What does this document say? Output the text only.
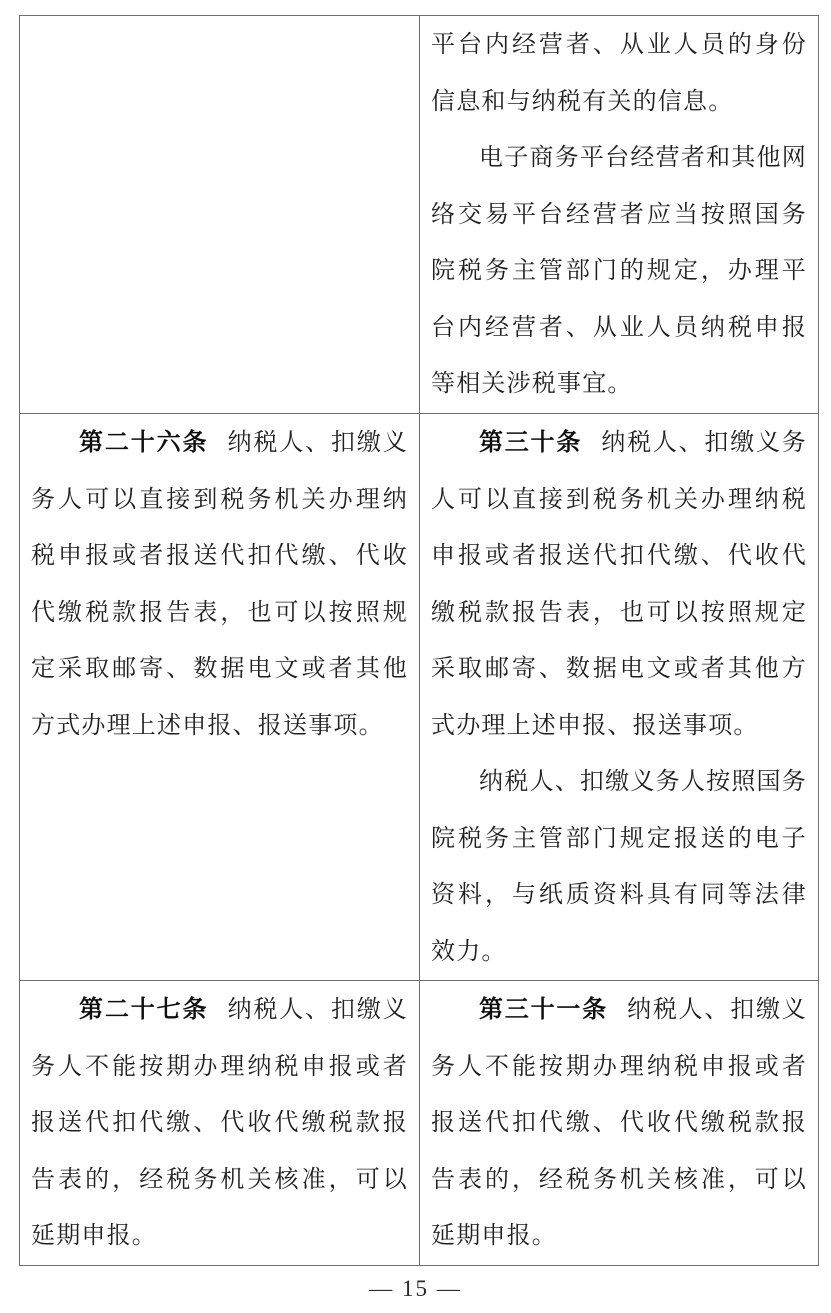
平台内经营者、从业人员的身份信息和与纳税有关的信息。

电子商务平台经营者和其他网络交易平台经营者应当按照国务院税务主管部门的规定，办理平台内经营者、从业人员纳税申报等相关涉税事宜。

第二十六条 纳税人、扣缴义务人可以直接到税务机关办理纳税申报或者报送代扣代缴、代收代缴税款报告表，也可以按照规定采取邮寄、数据电文或者其他方式办理上述申报、报送事项。

第三十条 纳税人、扣缴义务人可以直接到税务机关办理纳税申报或者报送代扣代缴、代收代缴税款报告表，也可以按照规定采取邮寄、数据电文或者其他方式办理上述申报、报送事项。

纳税人、扣缴义务人按照国务院税务主管部门规定报送的电子资料，与纸质资料具有同等法律效力。

第二十七条 纳税人、扣缴义务人不能按期办理纳税申报或者报送代扣代缴、代收代缴税款报告表的，经税务机关核准，可以延期申报。

第三十一条 纳税人、扣缴义务人不能按期办理纳税申报或者报送代扣代缴、代收代缴税款报告表的，经税务机关核准，可以延期申报。

— 15 —
